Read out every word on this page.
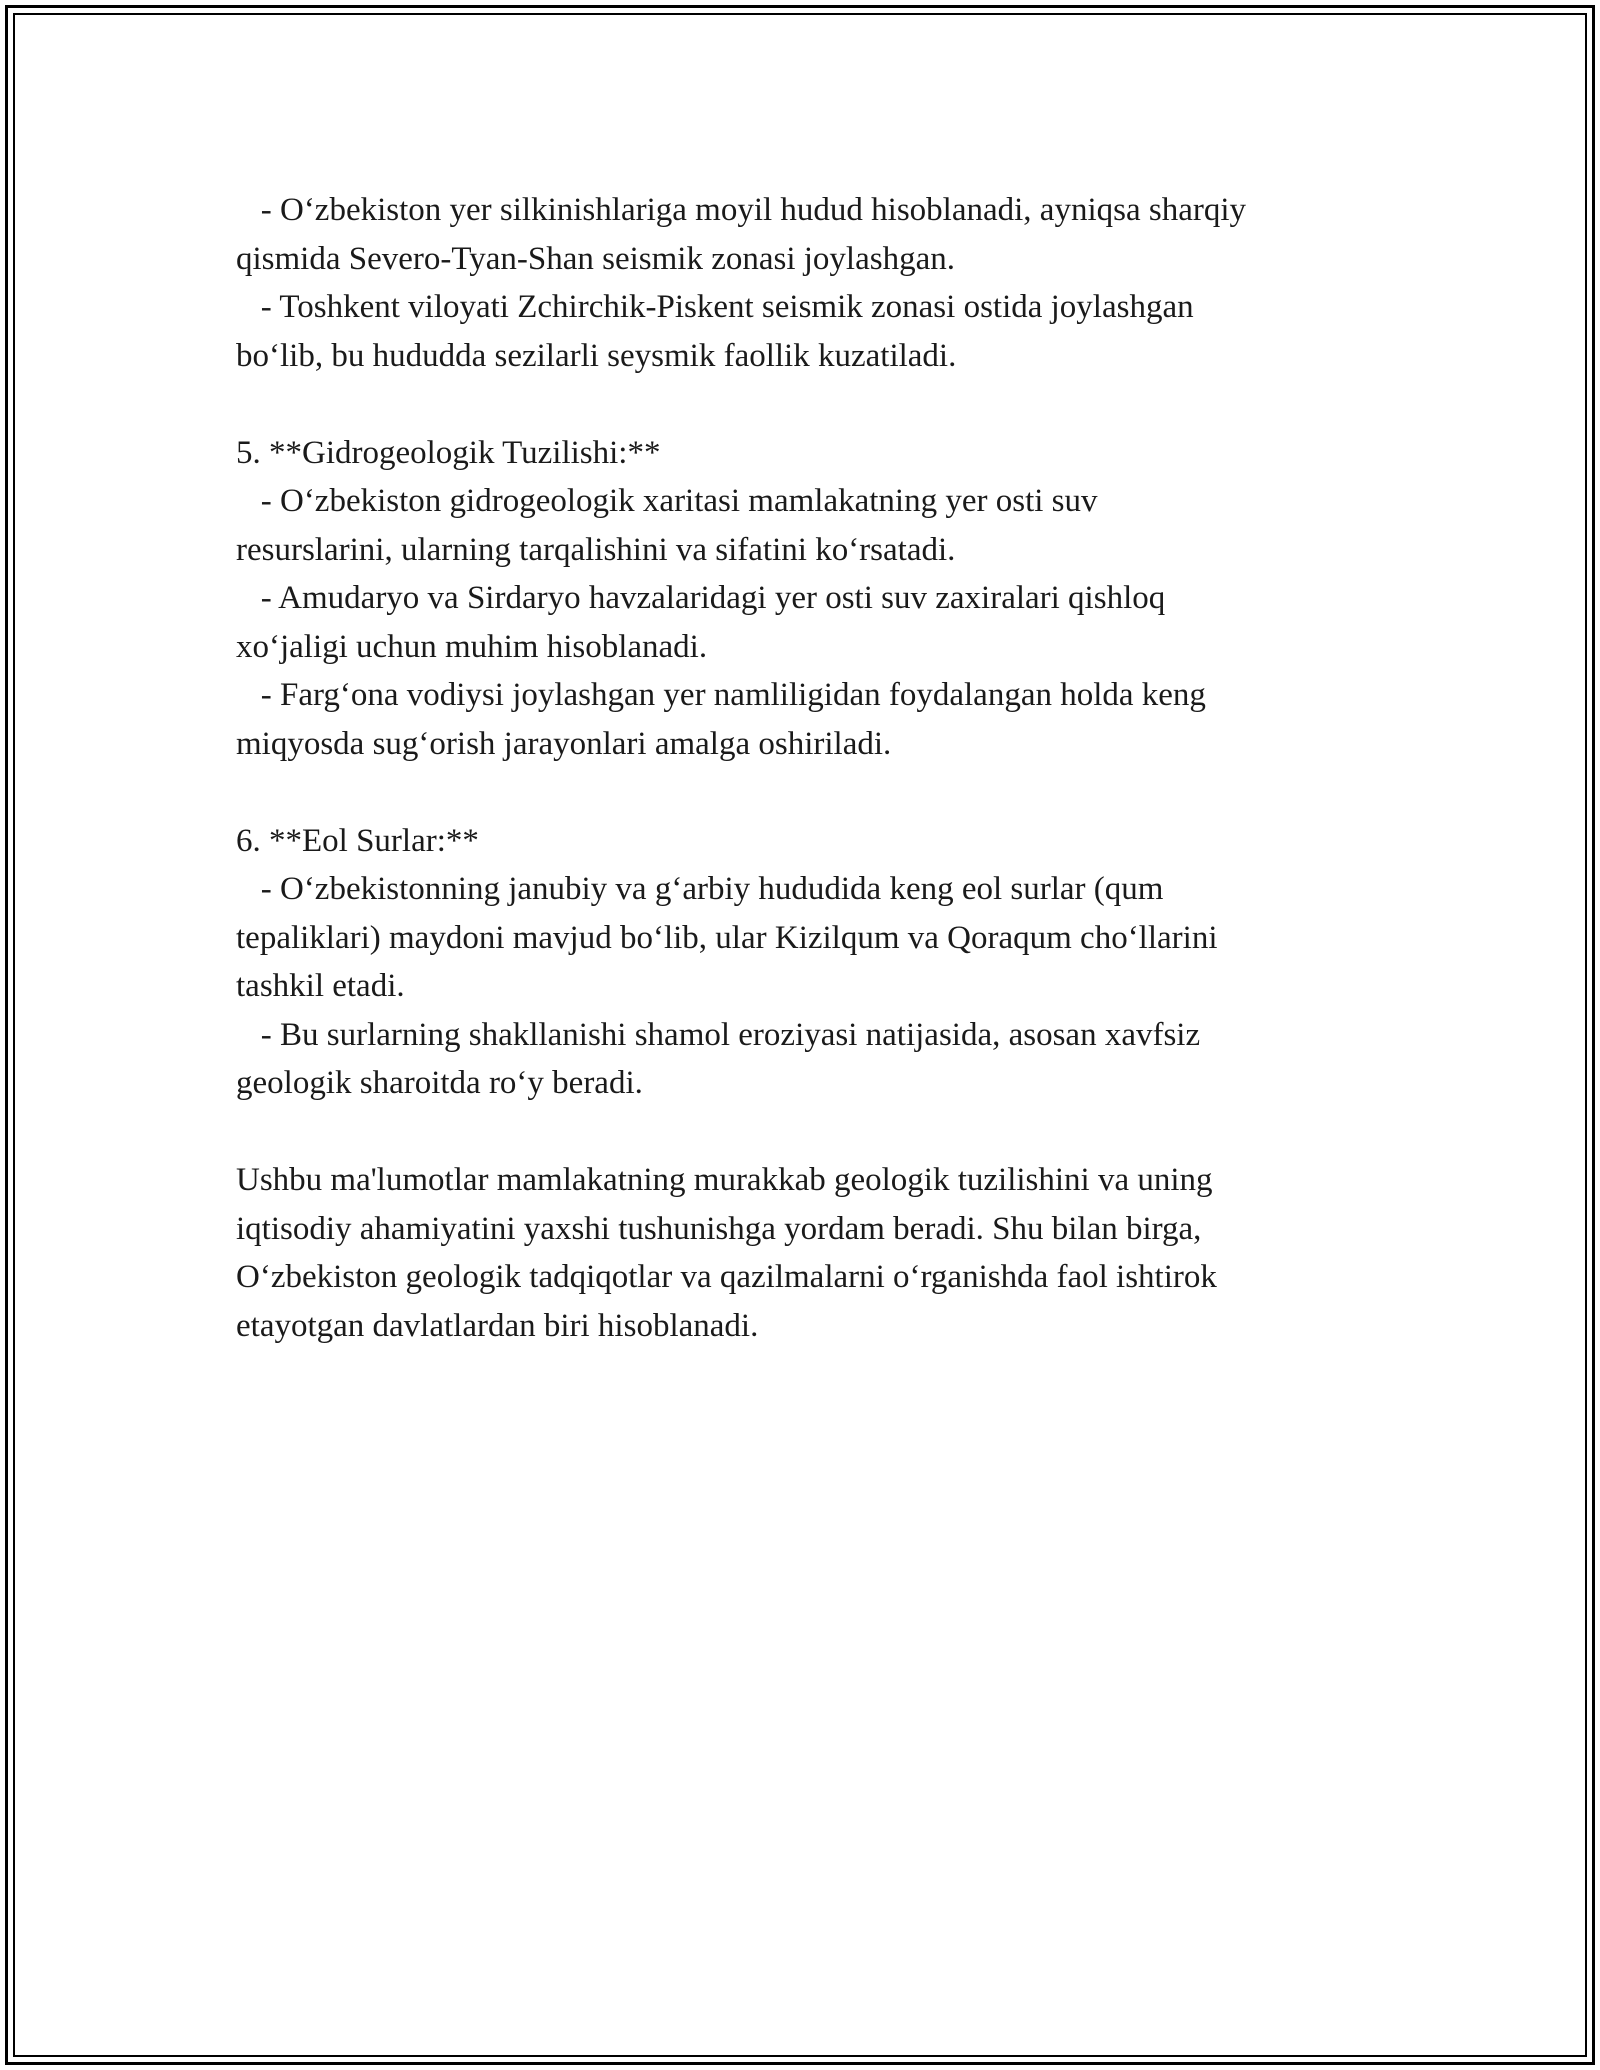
- O‘zbekiston yer silkinishlariga moyil hudud hisoblanadi, ayniqsa sharqiy
qismida Severo-Tyan-Shan seismik zonasi joylashgan.
- Toshkent viloyati Zchirchik-Piskent seismik zonasi ostida joylashgan
bo‘lib, bu hududda sezilarli seysmik faollik kuzatiladi.
5. **Gidrogeologik Tuzilishi:**
- O‘zbekiston gidrogeologik xaritasi mamlakatning yer osti suv
resurslarini, ularning tarqalishini va sifatini ko‘rsatadi.
- Amudaryo va Sirdaryo havzalaridagi yer osti suv zaxiralari qishloq
xo‘jaligi uchun muhim hisoblanadi.
- Farg‘ona vodiysi joylashgan yer namliligidan foydalangan holda keng
miqyosda sug‘orish jarayonlari amalga oshiriladi.
6. **Eol Surlar:**
- O‘zbekistonning janubiy va g‘arbiy hududida keng eol surlar (qum
tepaliklari) maydoni mavjud bo‘lib, ular Kizilqum va Qoraqum cho‘llarini
tashkil etadi.
- Bu surlarning shakllanishi shamol eroziyasi natijasida, asosan xavfsiz
geologik sharoitda ro‘y beradi.
Ushbu ma'lumotlar mamlakatning murakkab geologik tuzilishini va uning
iqtisodiy ahamiyatini yaxshi tushunishga yordam beradi. Shu bilan birga,
O‘zbekiston geologik tadqiqotlar va qazilmalarni o‘rganishda faol ishtirok
etayotgan davlatlardan biri hisoblanadi.
